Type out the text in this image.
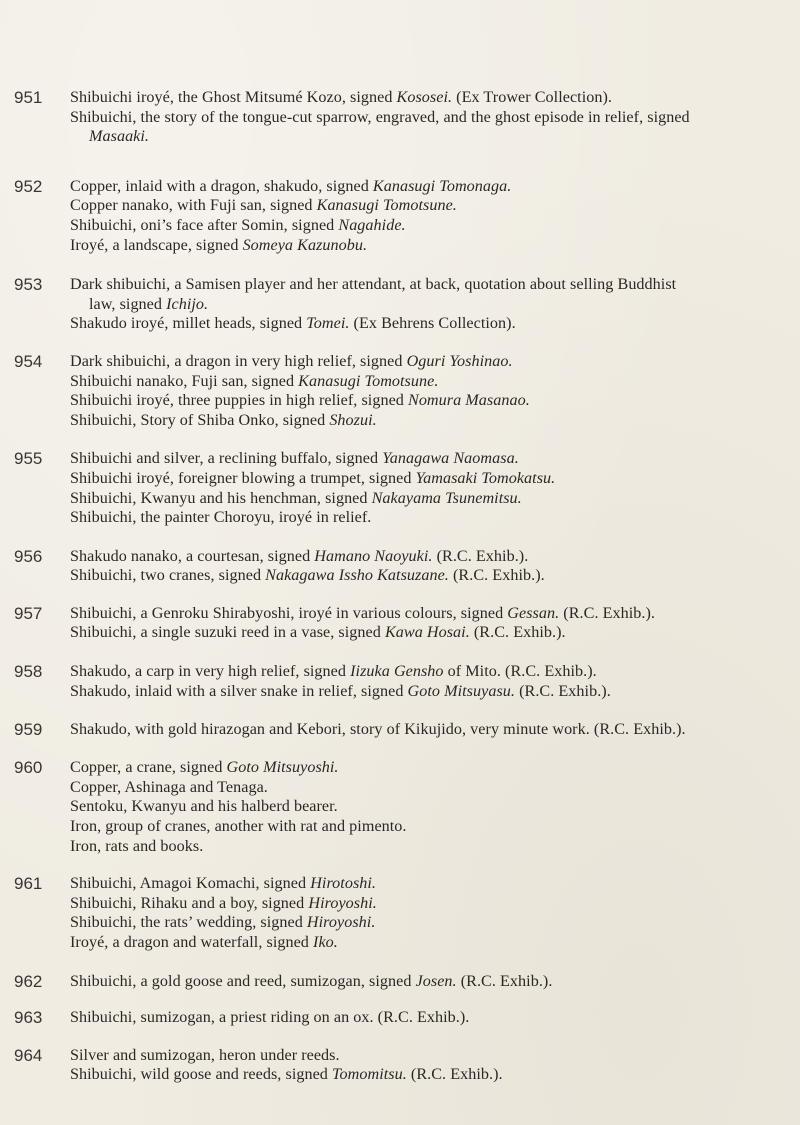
951	Shibuichi iroyé, the Ghost Mitsumé Kozo, signed Kososei. (Ex Trower Collection).
Shibuichi, the story of the tongue-cut sparrow, engraved, and the ghost episode in relief, signed
Masaaki.
952	Copper, inlaid with a dragon, shakudo, signed Kanasugi Tomonaga.
Copper nanako, with Fuji san, signed Kanasugi Tomotsune.
Shibuichi, oni’s face after Somin, signed Nagahide.
Iroyé, a landscape, signed Someya Kazunobu.
953	Dark shibuichi, a Samisen player and her attendant, at back, quotation about selling Buddhist
law, signed Ichijo.
Shakudo iroyé, millet heads, signed Tomei. (Ex Behrens Collection).
954	Dark shibuichi, a dragon in very high relief, signed Oguri Yoshinao.
Shibuichi nanako, Fuji san, signed Kanasugi Tomotsune.
Shibuichi iroyé, three puppies in high relief, signed Nomura Masanao.
Shibuichi, Story of Shiba Onko, signed Shozui.
955	Shibuichi and silver, a reclining buffalo, signed Yanagawa Naomasa.
Shibuichi iroyé, foreigner blowing a trumpet, signed Yamasaki Tomokatsu.
Shibuichi, Kwanyu and his henchman, signed Nakayama Tsunemitsu.
Shibuichi, the painter Choroyu, iroyé in relief.
956	Shakudo nanako, a courtesan, signed Hamano Naoyuki. (R.C. Exhib.).
Shibuichi, two cranes, signed Nakagawa Issho Katsuzane. (R.C. Exhib.).
957	Shibuichi, a Genroku Shirabyoshi, iroyé in various colours, signed Gessan. (R.C. Exhib.).
Shibuichi, a single suzuki reed in a vase, signed Kawa Hosai. (R.C. Exhib.).
958	Shakudo, a carp in very high relief, signed Iizuka Gensho of Mito. (R.C. Exhib.).
Shakudo, inlaid with a silver snake in relief, signed Goto Mitsuyasu. (R.C. Exhib.).
959	Shakudo, with gold hirazogan and Kebori, story of Kikujido, very minute work. (R.C. Exhib.).
960	Copper, a crane, signed Goto Mitsuyoshi.
Copper, Ashinaga and Tenaga.
Sentoku, Kwanyu and his halberd bearer.
Iron, group of cranes, another with rat and pimento.
Iron, rats and books.
961	Shibuichi, Amagoi Komachi, signed Hirotoshi.
Shibuichi, Rihaku and a boy, signed Hiroyoshi.
Shibuichi, the rats’ wedding, signed Hiroyoshi.
Iroyé, a dragon and waterfall, signed Iko.
962	Shibuichi, a gold goose and reed, sumizogan, signed Josen. (R.C. Exhib.).
963	Shibuichi, sumizogan, a priest riding on an ox. (R.C. Exhib.).
964	Silver and sumizogan, heron under reeds.
Shibuichi, wild goose and reeds, signed Tomomitsu. (R.C. Exhib.).
